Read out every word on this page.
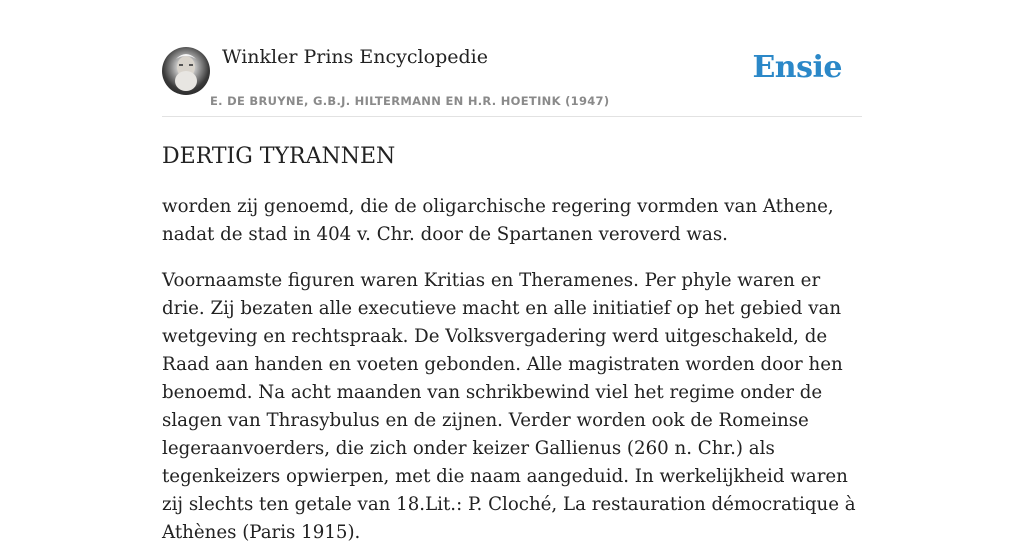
Winkler Prins Encyclopedie
E. DE BRUYNE, G.B.J. HILTERMANN EN H.R. HOETINK (1947)
Ensie
DERTIG TYRANNEN

worden zij genoemd, die de oligarchische regering vormden van Athene, nadat de stad in 404 v. Chr. door de Spartanen veroverd was.

Voornaamste figuren waren Kritias en Theramenes. Per phyle waren er drie. Zij bezaten alle executieve macht en alle initiatief op het gebied van wetgeving en rechtspraak. De Volksvergadering werd uitgeschakeld, de Raad aan handen en voeten gebonden. Alle magistraten worden door hen benoemd. Na acht maanden van schrikbewind viel het regime onder de slagen van Thrasybulus en de zijnen. Verder worden ook de Romeinse legeraanvoerders, die zich onder keizer Gallienus (260 n. Chr.) als tegenkeizers opwierpen, met die naam aangeduid. In werkelijkheid waren zij slechts ten getale van 18.Lit.: P. Cloché, La restauration démocratique à Athènes (Paris 1915).
